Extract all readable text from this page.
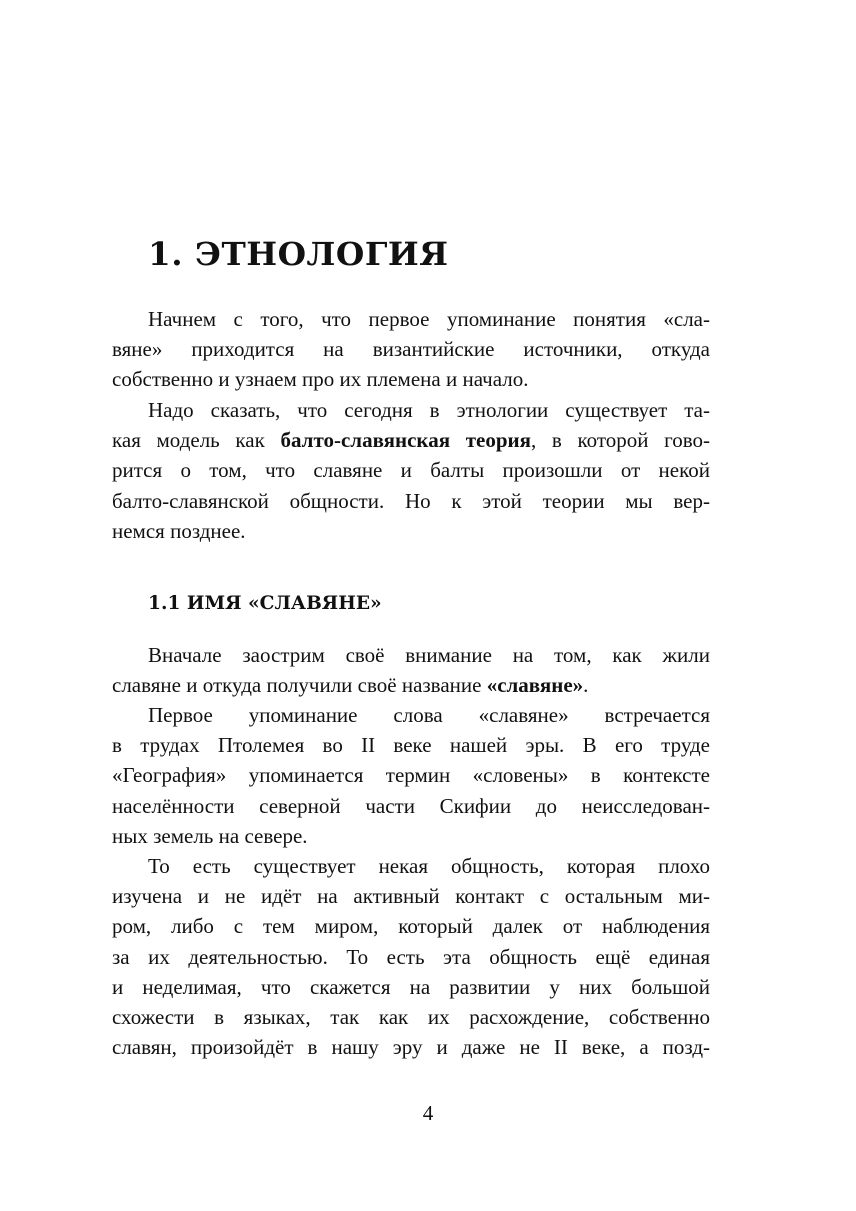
1. ЭТНОЛОГИЯ
Начнем с того, что первое упоминание понятия «сла-
вяне» приходится на византийские источники, откуда
собственно и узнаем про их племена и начало.
Надо сказать, что сегодня в этнологии существует та-
кая модель как балто-славянская теория, в которой гово-
рится о том, что славяне и балты произошли от некой
балто-славянской общности. Но к этой теории мы вер-
немся позднее.
1.1 ИМЯ «СЛАВЯНЕ»
Вначале заострим своё внимание на том, как жили
славяне и откуда получили своё название «славяне».
Первое упоминание слова «славяне» встречается
в трудах Птолемея во II веке нашей эры. В его труде
«География» упоминается термин «словены» в контексте
населённости северной части Скифии до неисследован-
ных земель на севере.
То есть существует некая общность, которая плохо
изучена и не идёт на активный контакт с остальным ми-
ром, либо с тем миром, который далек от наблюдения
за их деятельностью. То есть эта общность ещё единая
и неделимая, что скажется на развитии у них большой
схожести в языках, так как их расхождение, собственно
славян, произойдёт в нашу эру и даже не II веке, а позд-
4
